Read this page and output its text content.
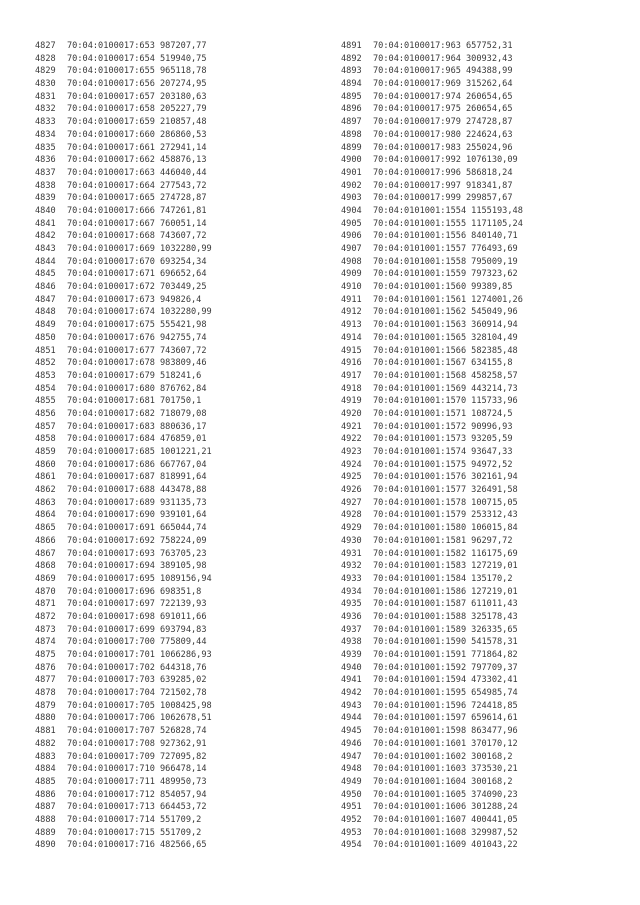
4827 70:04:0100017:653 987207,77
4828 70:04:0100017:654 519940,75
4829 70:04:0100017:655 965118,78
4830 70:04:0100017:656 207274,95
4831 70:04:0100017:657 203180,63
4832 70:04:0100017:658 205227,79
4833 70:04:0100017:659 210857,48
4834 70:04:0100017:660 286860,53
4835 70:04:0100017:661 272941,14
4836 70:04:0100017:662 458876,13
4837 70:04:0100017:663 446040,44
4838 70:04:0100017:664 277543,72
4839 70:04:0100017:665 274728,87
4840 70:04:0100017:666 747261,81
4841 70:04:0100017:667 760051,14
4842 70:04:0100017:668 743607,72
4843 70:04:0100017:669 1032280,99
4844 70:04:0100017:670 693254,34
4845 70:04:0100017:671 696652,64
4846 70:04:0100017:672 703449,25
4847 70:04:0100017:673 949826,4
4848 70:04:0100017:674 1032280,99
4849 70:04:0100017:675 555421,98
4850 70:04:0100017:676 942755,74
4851 70:04:0100017:677 743607,72
4852 70:04:0100017:678 983809,46
4853 70:04:0100017:679 518241,6
4854 70:04:0100017:680 876762,84
4855 70:04:0100017:681 701750,1
4856 70:04:0100017:682 718079,08
4857 70:04:0100017:683 880636,17
4858 70:04:0100017:684 476859,01
4859 70:04:0100017:685 1001221,21
4860 70:04:0100017:686 667767,04
4861 70:04:0100017:687 818991,64
4862 70:04:0100017:688 443478,88
4863 70:04:0100017:689 931135,73
4864 70:04:0100017:690 939101,64
4865 70:04:0100017:691 665044,74
4866 70:04:0100017:692 758224,09
4867 70:04:0100017:693 763705,23
4868 70:04:0100017:694 389105,98
4869 70:04:0100017:695 1089156,94
4870 70:04:0100017:696 698351,8
4871 70:04:0100017:697 722139,93
4872 70:04:0100017:698 691011,66
4873 70:04:0100017:699 693794,83
4874 70:04:0100017:700 775809,44
4875 70:04:0100017:701 1066286,93
4876 70:04:0100017:702 644318,76
4877 70:04:0100017:703 639285,02
4878 70:04:0100017:704 721502,78
4879 70:04:0100017:705 1008425,98
4880 70:04:0100017:706 1062678,51
4881 70:04:0100017:707 526828,74
4882 70:04:0100017:708 927362,91
4883 70:04:0100017:709 727095,82
4884 70:04:0100017:710 966478,14
4885 70:04:0100017:711 489950,73
4886 70:04:0100017:712 854057,94
4887 70:04:0100017:713 664453,72
4888 70:04:0100017:714 551709,2
4889 70:04:0100017:715 551709,2
4890 70:04:0100017:716 482566,65
4891 70:04:0100017:963 657752,31
4892 70:04:0100017:964 300932,43
4893 70:04:0100017:965 494388,99
4894 70:04:0100017:969 315262,64
4895 70:04:0100017:974 260654,65
4896 70:04:0100017:975 260654,65
4897 70:04:0100017:979 274728,87
4898 70:04:0100017:980 224624,63
4899 70:04:0100017:983 255024,96
4900 70:04:0100017:992 1076130,09
4901 70:04:0100017:996 586818,24
4902 70:04:0100017:997 918341,87
4903 70:04:0100017:999 299857,67
4904 70:04:0101001:1554 1155193,48
4905 70:04:0101001:1555 1171105,24
4906 70:04:0101001:1556 840140,71
4907 70:04:0101001:1557 776493,69
4908 70:04:0101001:1558 795009,19
4909 70:04:0101001:1559 797323,62
4910 70:04:0101001:1560 99389,85
4911 70:04:0101001:1561 1274001,26
4912 70:04:0101001:1562 545049,96
4913 70:04:0101001:1563 360914,94
4914 70:04:0101001:1565 328104,49
4915 70:04:0101001:1566 582385,48
4916 70:04:0101001:1567 634155,8
4917 70:04:0101001:1568 458258,57
4918 70:04:0101001:1569 443214,73
4919 70:04:0101001:1570 115733,96
4920 70:04:0101001:1571 108724,5
4921 70:04:0101001:1572 90996,93
4922 70:04:0101001:1573 93205,59
4923 70:04:0101001:1574 93647,33
4924 70:04:0101001:1575 94972,52
4925 70:04:0101001:1576 302161,94
4926 70:04:0101001:1577 326491,58
4927 70:04:0101001:1578 100715,05
4928 70:04:0101001:1579 253312,43
4929 70:04:0101001:1580 106015,84
4930 70:04:0101001:1581 96297,72
4931 70:04:0101001:1582 116175,69
4932 70:04:0101001:1583 127219,01
4933 70:04:0101001:1584 135170,2
4934 70:04:0101001:1586 127219,01
4935 70:04:0101001:1587 611011,43
4936 70:04:0101001:1588 325178,43
4937 70:04:0101001:1589 326335,65
4938 70:04:0101001:1590 541578,31
4939 70:04:0101001:1591 771864,82
4940 70:04:0101001:1592 797709,37
4941 70:04:0101001:1594 473302,41
4942 70:04:0101001:1595 654985,74
4943 70:04:0101001:1596 724418,85
4944 70:04:0101001:1597 659614,61
4945 70:04:0101001:1598 863477,96
4946 70:04:0101001:1601 370170,12
4947 70:04:0101001:1602 300168,2
4948 70:04:0101001:1603 373530,21
4949 70:04:0101001:1604 300168,2
4950 70:04:0101001:1605 374090,23
4951 70:04:0101001:1606 301288,24
4952 70:04:0101001:1607 400441,05
4953 70:04:0101001:1608 329987,52
4954 70:04:0101001:1609 401043,22
